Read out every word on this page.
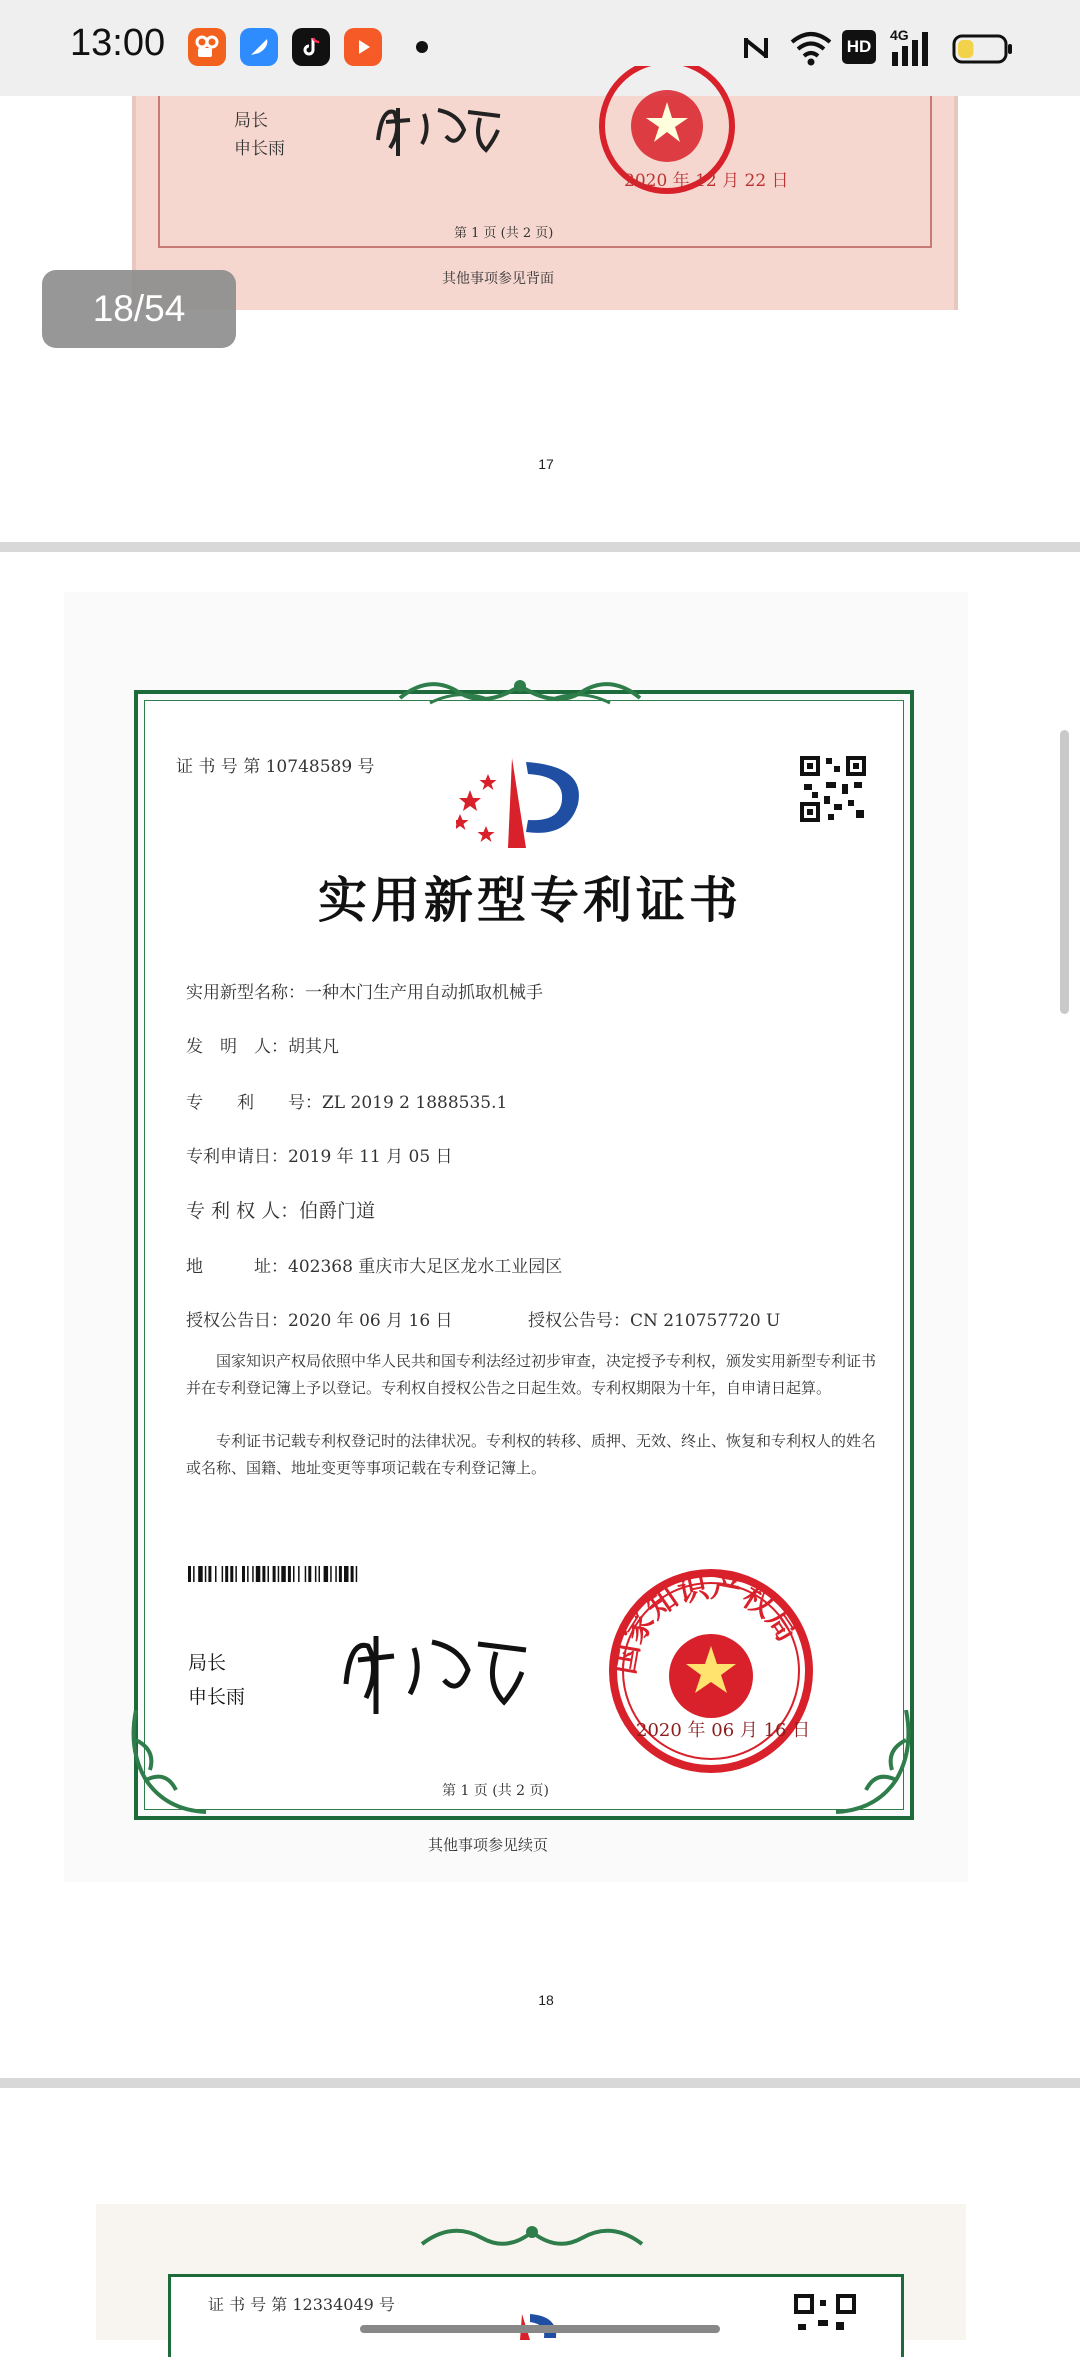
13:00	HD
4G
局长
申长雨
2020 年 12 月 22 日
第 1 页 (共 2 页)
其他事项参见背面
18/54
17
证 书 号 第 10748589 号
实用新型专利证书
实用新型名称：一种木门生产用自动抓取机械手
发　明　人：胡其凡
专　　利　　号：ZL 2019 2 1888535.1
专利申请日：2019 年 11 月 05 日
专 利 权 人：伯爵门道
地　　　址：402368 重庆市大足区龙水工业园区
授权公告日：2020 年 06 月 16 日	授权公告号：CN 210757720 U
国家知识产权局依照中华人民共和国专利法经过初步审查，决定授予专利权，颁发实用新型专利证书并在专利登记簿上予以登记。专利权自授权公告之日起生效。专利权期限为十年，自申请日起算。
专利证书记载专利权登记时的法律状况。专利权的转移、质押、无效、终止、恢复和专利权人的姓名或名称、国籍、地址变更等事项记载在专利登记簿上。
局长
申长雨
国家知识产权局
2020 年 06 月 16 日
第 1 页 (共 2 页)
其他事项参见续页
18
证 书 号 第 12334049 号
